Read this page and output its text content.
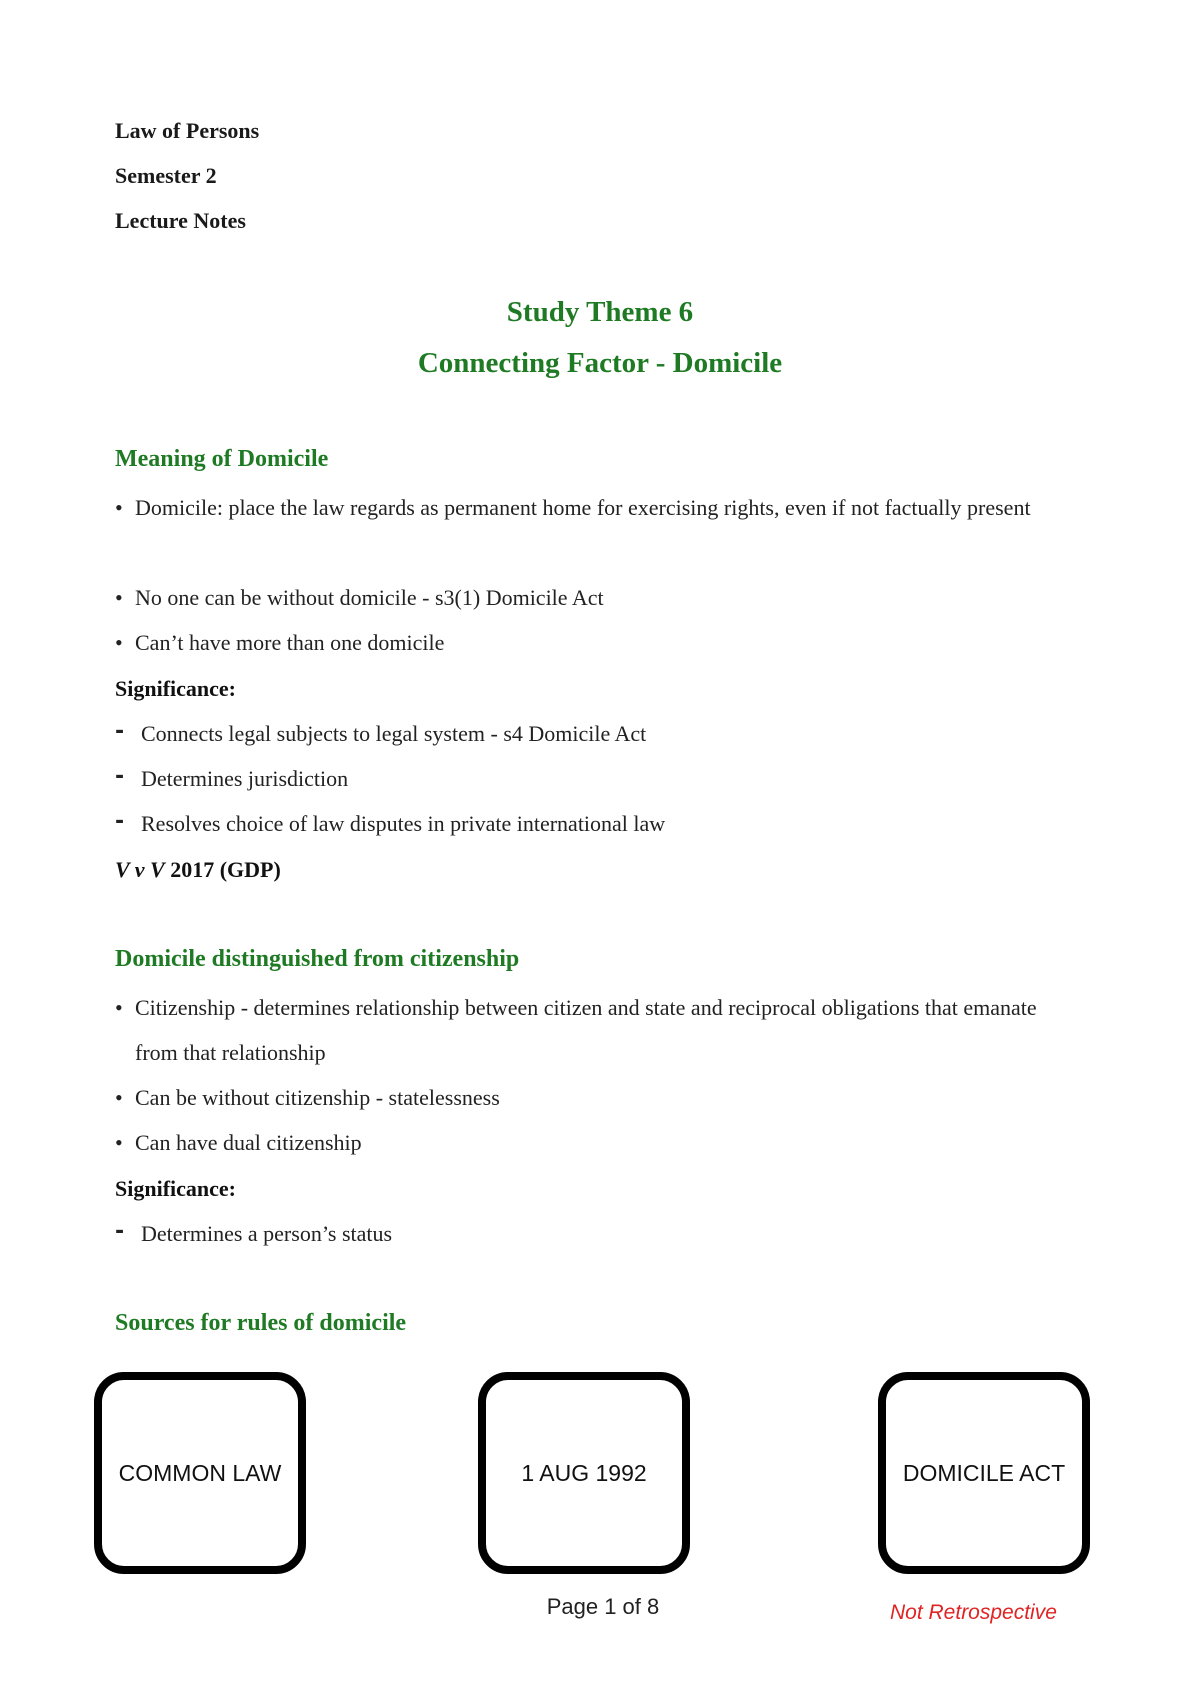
Law of Persons
Semester 2
Lecture Notes
Study Theme 6
Connecting Factor - Domicile
Meaning of Domicile
• Domicile: place the law regards as permanent home for exercising rights, even if not factually present
• No one can be without domicile - s3(1) Domicile Act
• Can’t have more than one domicile
Significance:
- Connects legal subjects to legal system - s4 Domicile Act
- Determines jurisdiction
- Resolves choice of law disputes in private international law
V v V 2017 (GDP)
Domicile distinguished from citizenship
• Citizenship - determines relationship between citizen and state and reciprocal obligations that emanate from that relationship
• Can be without citizenship - statelessness
• Can have dual citizenship
Significance:
- Determines a person’s status
Sources for rules of domicile
COMMON LAW	1 AUG 1992	DOMICILE ACT
Not Retrospective
Page 1 of 8
